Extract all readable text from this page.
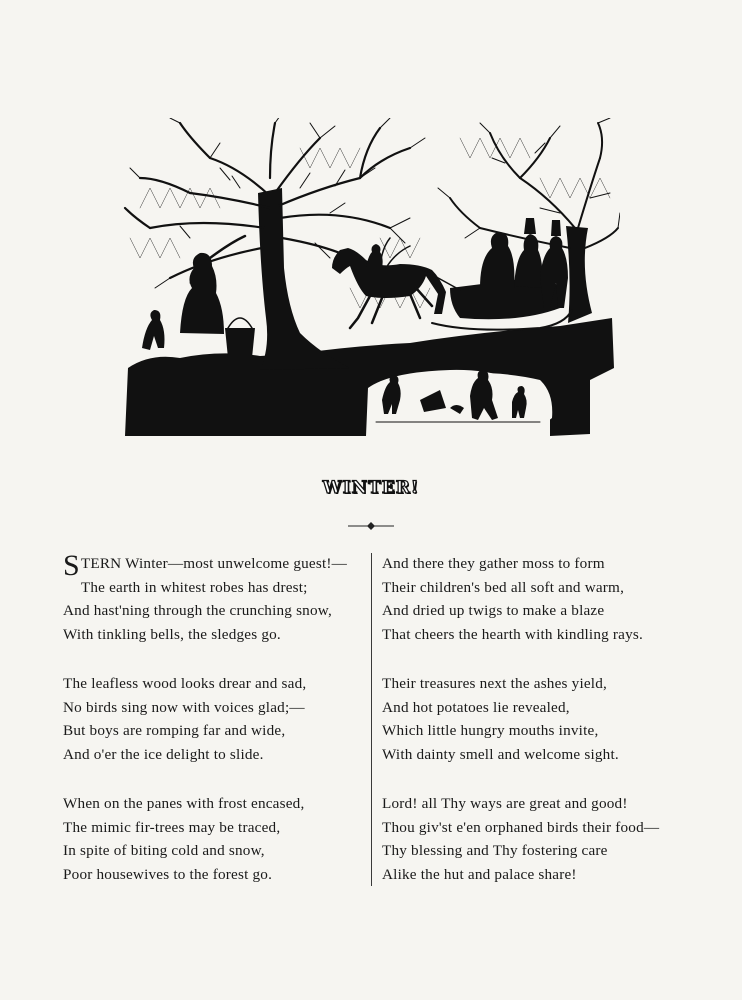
WINTER!
STERN Winter—most unwelcome guest!—
The earth in whitest robes has drest;
And hast'ning through the crunching snow,
With tinkling bells, the sledges go.
The leafless wood looks drear and sad,
No birds sing now with voices glad;—
But boys are romping far and wide,
And o'er the ice delight to slide.
When on the panes with frost encased,
The mimic fir-trees may be traced,
In spite of biting cold and snow,
Poor housewives to the forest go.
And there they gather moss to form
Their children's bed all soft and warm,
And dried up twigs to make a blaze
That cheers the hearth with kindling rays.
Their treasures next the ashes yield,
And hot potatoes lie revealed,
Which little hungry mouths invite,
With dainty smell and welcome sight.
Lord! all Thy ways are great and good!
Thou giv'st e'en orphaned birds their food—
Thy blessing and Thy fostering care
Alike the hut and palace share!
